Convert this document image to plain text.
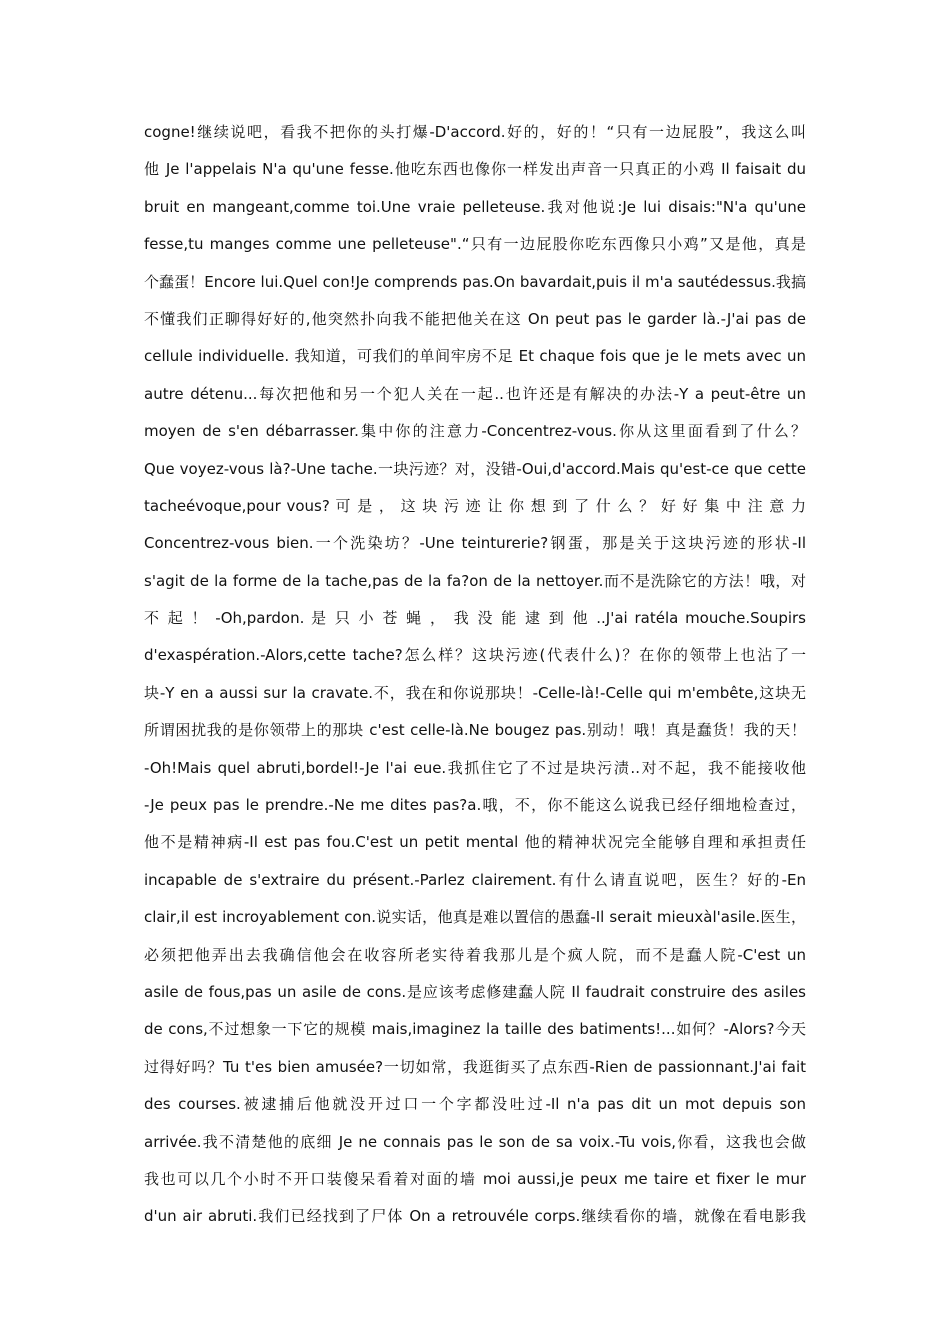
cogne!继续说吧，看我不把你的头打爆-D'accord.好的，好的！“只有一边屁股”，我这么叫
他 Je l'appelais N'a qu'une fesse.他吃东西也像你一样发出声音一只真正的小鸡 Il faisait du
bruit en mangeant,comme toi.Une vraie pelleteuse.我对他说:Je lui disais:"N'a qu'une
fesse,tu manges comme une pelleteuse".“只有一边屁股你吃东西像只小鸡”又是他，真是
个蠢蛋！Encore lui.Quel con!Je comprends pas.On bavardait,puis il m'a sautédessus.我搞
不懂我们正聊得好好的,他突然扑向我不能把他关在这 On peut pas le garder là.-J'ai pas de
cellule individuelle. 我知道，可我们的单间牢房不足 Et chaque fois que je le mets avec un
autre détenu...每次把他和另一个犯人关在一起..也许还是有解决的办法-Y a peut-être un
moyen de s'en débarrasser.集中你的注意力-Concentrez-vous.你从这里面看到了什么？
Que voyez-vous là?-Une tache.一块污迹？对，没错-Oui,d'accord.Mais qu'est-ce que cette
tacheévoque,pour vous? 可 是 ， 这 块 污 迹 让 你 想 到 了 什 么 ？ 好 好 集 中 注 意 力
Concentrez-vous bien.一个洗染坊？-Une teinturerie?钢蛋，那是关于这块污迹的形状-Il
s'agit de la forme de la tache,pas de la fa?on de la nettoyer.而不是洗除它的方法！哦，对
不 起 ！ -Oh,pardon. 是 只 小 苍 蝇 ， 我 没 能 逮 到 他 ..J'ai ratéla mouche.Soupirs
d'exaspération.-Alors,cette tache?怎么样？这块污迹(代表什么)？在你的领带上也沾了一
块-Y en a aussi sur la cravate.不，我在和你说那块！-Celle-là!-Celle qui m'embête,这块无
所谓困扰我的是你领带上的那块 c'est celle-là.Ne bougez pas.别动！哦！真是蠢货！我的天！
-Oh!Mais quel abruti,bordel!-Je l'ai eue.我抓住它了不过是块污渍..对不起，我不能接收他
-Je peux pas le prendre.-Ne me dites pas?a.哦，不，你不能这么说我已经仔细地检查过，
他不是精神病-Il est pas fou.C'est un petit mental 他的精神状况完全能够自理和承担责任
incapable de s'extraire du présent.-Parlez clairement.有什么请直说吧，医生？好的-En
clair,il est incroyablement con.说实话，他真是难以置信的愚蠢-Il serait mieuxàl'asile.医生，
必须把他弄出去我确信他会在收容所老实待着我那儿是个疯人院，而不是蠢人院-C'est un
asile de fous,pas un asile de cons.是应该考虑修建蠢人院 Il faudrait construire des asiles
de cons,不过想象一下它的规模 mais,imaginez la taille des batiments!...如何？-Alors?今天
过得好吗？Tu t'es bien amusée?一切如常，我逛街买了点东西-Rien de passionnant.J'ai fait
des courses.被逮捕后他就没开过口一个字都没吐过-Il n'a pas dit un mot depuis son
arrivée.我不清楚他的底细 Je ne connais pas le son de sa voix.-Tu vois,你看，这我也会做
我也可以几个小时不开口装傻呆看着对面的墙 moi aussi,je peux me taire et fixer le mur
d'un air abruti.我们已经找到了尸体 On a retrouvéle corps.继续看你的墙，就像在看电影我
